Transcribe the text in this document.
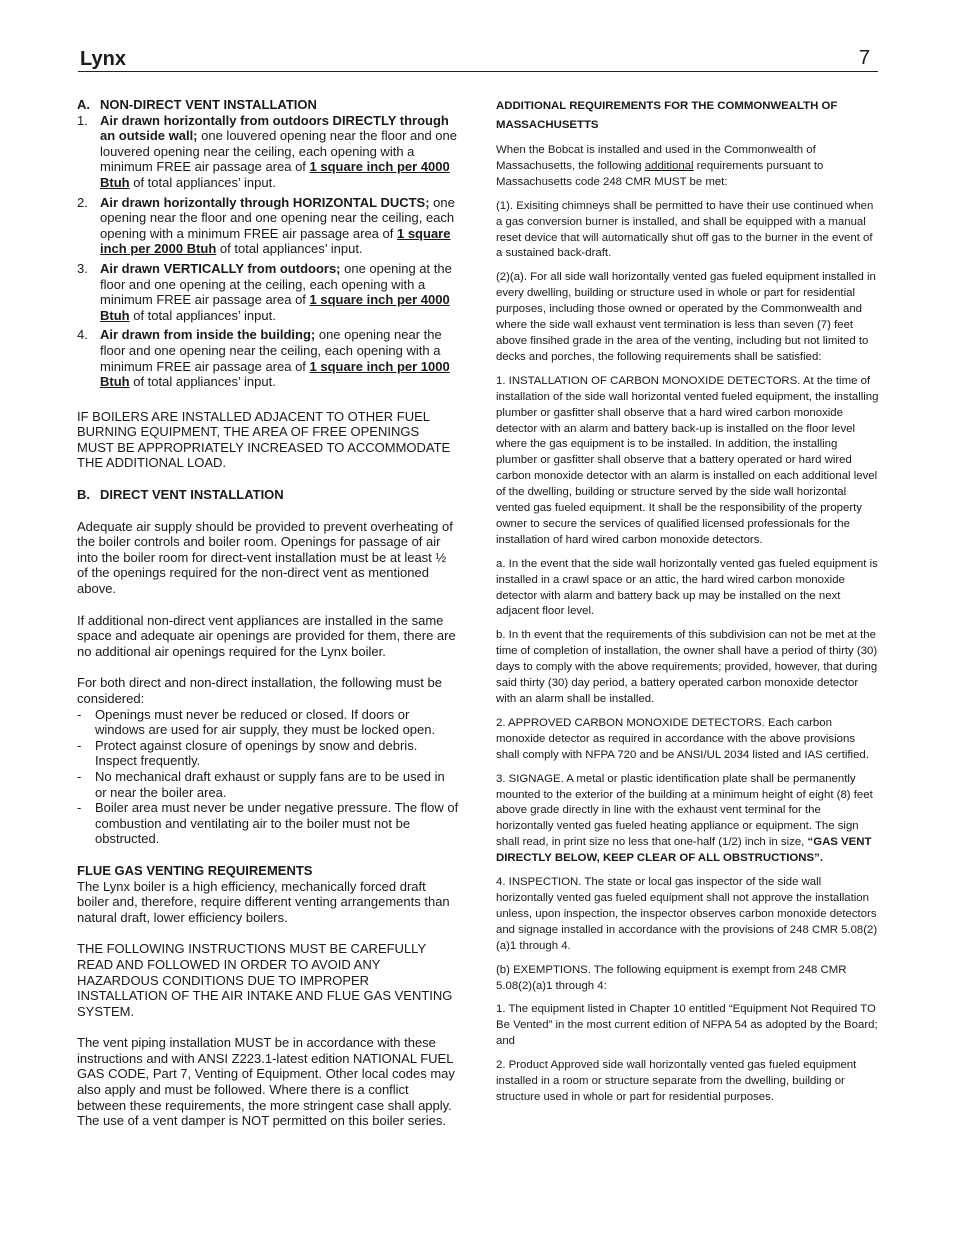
Lynx	7
A. NON-DIRECT VENT INSTALLATION
1. Air drawn horizontally from outdoors DIRECTLY through an outside wall; one louvered opening near the floor and one louvered opening near the ceiling, each opening with a minimum FREE air passage area of 1 square inch per 4000 Btuh of total appliances’ input.
2. Air drawn horizontally through HORIZONTAL DUCTS; one opening near the floor and one opening near the ceiling, each opening with a minimum FREE air passage area of 1 square inch per 2000 Btuh of total appliances’ input.
3. Air drawn VERTICALLY from outdoors; one opening at the floor and one opening at the ceiling, each opening with a minimum FREE air passage area of 1 square inch per 4000 Btuh of total appliances’ input.
4. Air drawn from inside the building; one opening near the floor and one opening near the ceiling, each opening with a minimum FREE air passage area of 1 square inch per 1000 Btuh of total appliances’ input.

IF BOILERS ARE INSTALLED ADJACENT TO OTHER FUEL BURNING EQUIPMENT, THE AREA OF FREE OPENINGS MUST BE APPROPRIATELY INCREASED TO ACCOMMODATE THE ADDITIONAL LOAD.

B. DIRECT VENT INSTALLATION

Adequate air supply should be provided to prevent overheating of the boiler controls and boiler room. Openings for passage of air into the boiler room for direct-vent installation must be at least ½ of the openings required for the non-direct vent as mentioned above.

If additional non-direct vent appliances are installed in the same space and adequate air openings are provided for them, there are no additional air openings required for the Lynx boiler.

For both direct and non-direct installation, the following must be considered:

-	Openings must never be reduced or closed. If doors or windows are used for air supply, they must be locked open.
-	Protect against closure of openings by snow and debris. Inspect frequently.
-	No mechanical draft exhaust or supply fans are to be used in or near the boiler area.
-	Boiler area must never be under negative pressure. The flow of combustion and ventilating air to the boiler must not be obstructed.

FLUE GAS VENTING REQUIREMENTS

The Lynx boiler is a high efficiency, mechanically forced draft boiler and, therefore, require different venting arrangements than natural draft, lower efficiency boilers.

THE FOLLOWING INSTRUCTIONS MUST BE CAREFULLY READ AND FOLLOWED IN ORDER TO AVOID ANY HAZARDOUS CONDITIONS DUE TO IMPROPER INSTALLATION OF THE AIR INTAKE AND FLUE GAS VENTING SYSTEM.

The vent piping installation MUST be in accordance with these instructions and with ANSI Z223.1-latest edition NATIONAL FUEL GAS CODE, Part 7, Venting of Equipment. Other local codes may also apply and must be followed. Where there is a conflict between these requirements, the more stringent case shall apply. The use of a vent damper is NOT permitted on this boiler series.

ADDITIONAL REQUIREMENTS FOR THE COMMONWEALTH OF MASSACHUSETTS

When the Bobcat is installed and used in the Commonwealth of Massachusetts, the following additional requirements pursuant to Massachusetts code 248 CMR MUST be met:

(1). Exisiting chimneys shall be permitted to have their use continued when a gas conversion burner is installed, and shall be equipped with a manual reset device that will automatically shut off gas to the burner in the event of a sustained back-draft.

(2)(a). For all side wall horizontally vented gas fueled equipment installed in every dwelling, building or structure used in whole or part for residential purposes, including those owned or operated by the Commonwealth and where the side wall exhaust vent termination is less than seven (7) feet above finsihed grade in the area of the venting, including but not limited to decks and porches, the following requirements shall be satisfied:

1. INSTALLATION OF CARBON MONOXIDE DETECTORS. At the time of installation of the side wall horizontal vented fueled equipment, the installing plumber or gasfitter shall observe that a hard wired carbon monoxide detector with an alarm and battery back-up is installed on the floor level where the gas equipment is to be installed. In addition, the installing plumber or gasfitter shall observe that a battery operated or hard wired carbon monoxide detector with an alarm is installed on each additional level of the dwelling, building or structure served by the side wall horizontal vented gas fueled equipment. It shall be the responsibility of the property owner to secure the services of qualified licensed professionals for the installation of hard wired carbon monoxide detectors.

a. In the event that the side wall horizontally vented gas fueled equipment is installed in a crawl space or an attic, the hard wired carbon monoxide detector with alarm and battery back up may be installed on the next adjacent floor level.

b. In th event that the requirements of this subdivision can not be met at the time of completion of installation, the owner shall have a period of thirty (30) days to comply with the above requirements; provided, however, that during said thirty (30) day period, a battery operated carbon monoxide detector with an alarm shall be installed.

2. APPROVED CARBON MONOXIDE DETECTORS. Each carbon monoxide detector as required in accordance with the above provisions shall comply with NFPA 720 and be ANSI/UL 2034 listed and IAS certified.

3. SIGNAGE. A metal or plastic identification plate shall be permanently mounted to the exterior of the building at a minimum height of eight (8) feet above grade directly in line with the exhaust vent terminal for the horizontally vented gas fueled heating appliance or equipment. The sign shall read, in print size no less that one-half (1/2) inch in size, “GAS VENT DIRECTLY BELOW, KEEP CLEAR OF ALL OBSTRUCTIONS”.

4. INSPECTION. The state or local gas inspector of the side wall horizontally vented gas fueled equipment shall not approve the installation unless, upon inspection, the inspector observes carbon monoxide detectors and signage installed in accordance with the provisions of 248 CMR 5.08(2)(a)1 through 4.

(b) EXEMPTIONS. The following equipment is exempt from 248 CMR 5.08(2)(a)1 through 4:

1. The equipment listed in Chapter 10 entitled “Equipment Not Required TO Be Vented” in the most current edition of NFPA 54 as adopted by the Board; and

2. Product Approved side wall horizontally vented gas fueled equipment installed in a room or structure separate from the dwelling, building or structure used in whole or part for residential purposes.
